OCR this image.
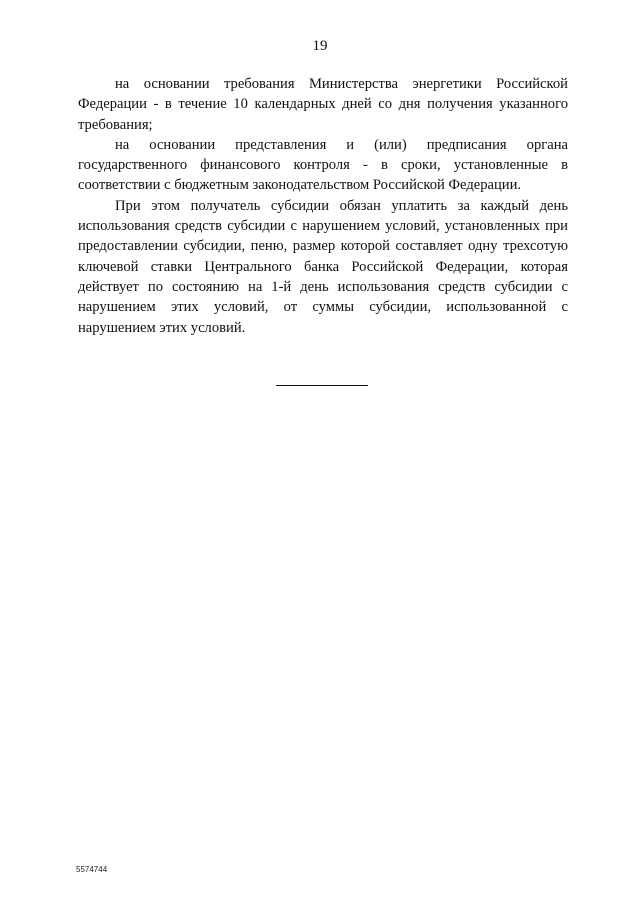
19

на основании требования Министерства энергетики Российской Федерации - в течение 10 календарных дней со дня получения указанного требования;

на основании представления и (или) предписания органа государственного финансового контроля - в сроки, установленные в соответствии с бюджетным законодательством Российской Федерации.

При этом получатель субсидии обязан уплатить за каждый день использования средств субсидии с нарушением условий, установленных при предоставлении субсидии, пеню, размер которой составляет одну трехсотую ключевой ставки Центрального банка Российской Федерации, которая действует по состоянию на 1-й день использования средств субсидии с нарушением этих условий, от суммы субсидии, использованной с нарушением этих условий.

5574744
